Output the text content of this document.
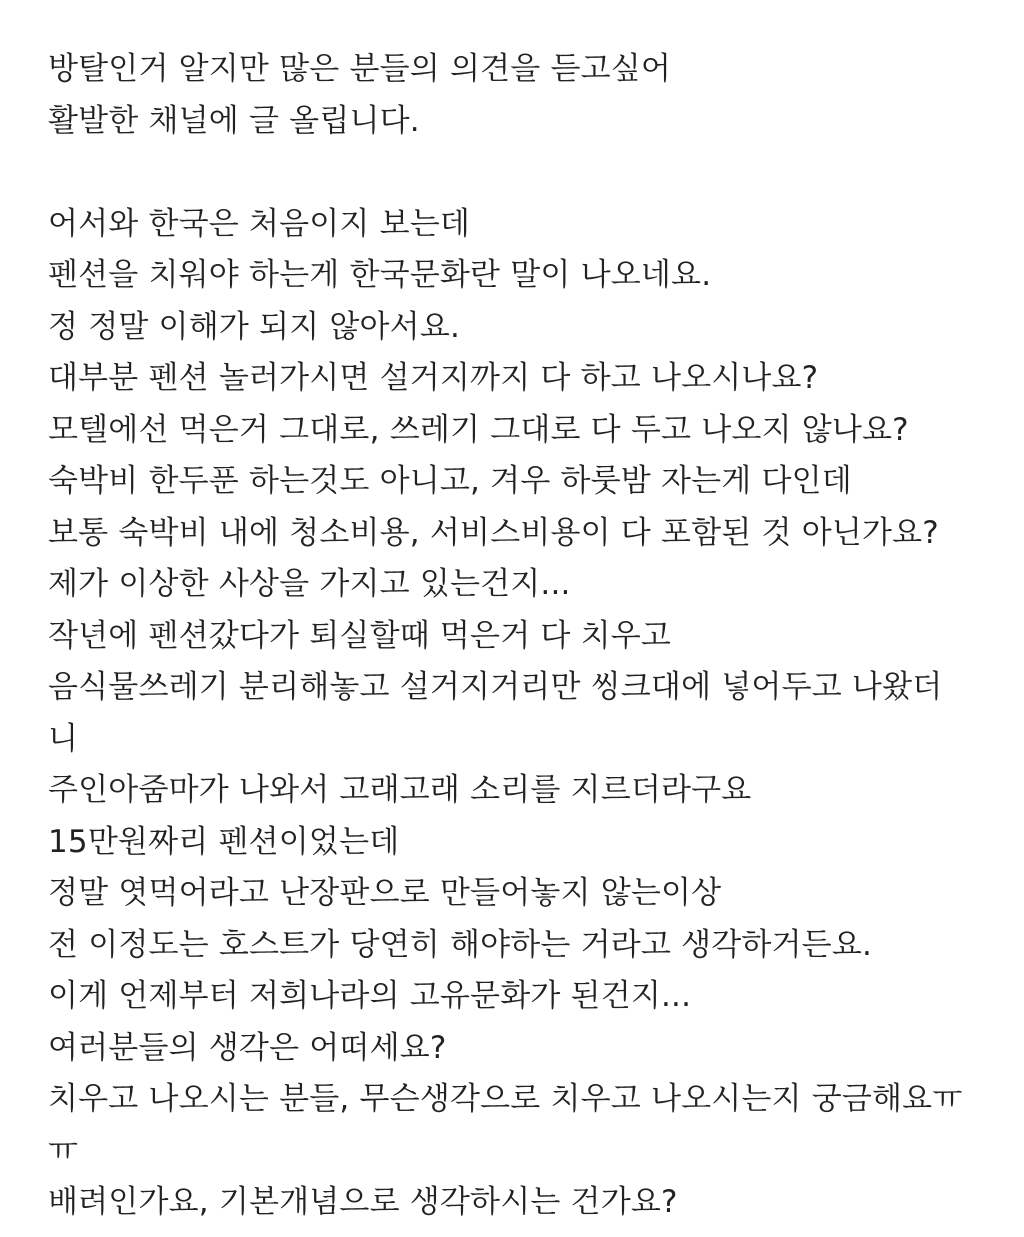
방탈인거 알지만 많은 분들의 의견을 듣고싶어
활발한 채널에 글 올립니다.
어서와 한국은 처음이지 보는데
펜션을 치워야 하는게 한국문화란 말이 나오네요.
정 정말 이해가 되지 않아서요.
대부분 펜션 놀러가시면 설거지까지 다 하고 나오시나요?
모텔에선 먹은거 그대로, 쓰레기 그대로 다 두고 나오지 않나요?
숙박비 한두푼 하는것도 아니고, 겨우 하룻밤 자는게 다인데
보통 숙박비 내에 청소비용, 서비스비용이 다 포함된 것 아닌가요?
제가 이상한 사상을 가지고 있는건지...
작년에 펜션갔다가 퇴실할때 먹은거 다 치우고
음식물쓰레기 분리해놓고 설거지거리만 씽크대에 넣어두고 나왔더
니
주인아줌마가 나와서 고래고래 소리를 지르더라구요
15만원짜리 펜션이었는데
정말 엿먹어라고 난장판으로 만들어놓지 않는이상
전 이정도는 호스트가 당연히 해야하는 거라고 생각하거든요.
이게 언제부터 저희나라의 고유문화가 된건지...
여러분들의 생각은 어떠세요?
치우고 나오시는 분들, 무슨생각으로 치우고 나오시는지 궁금해요ㅠ
ㅠ
배려인가요, 기본개념으로 생각하시는 건가요?
